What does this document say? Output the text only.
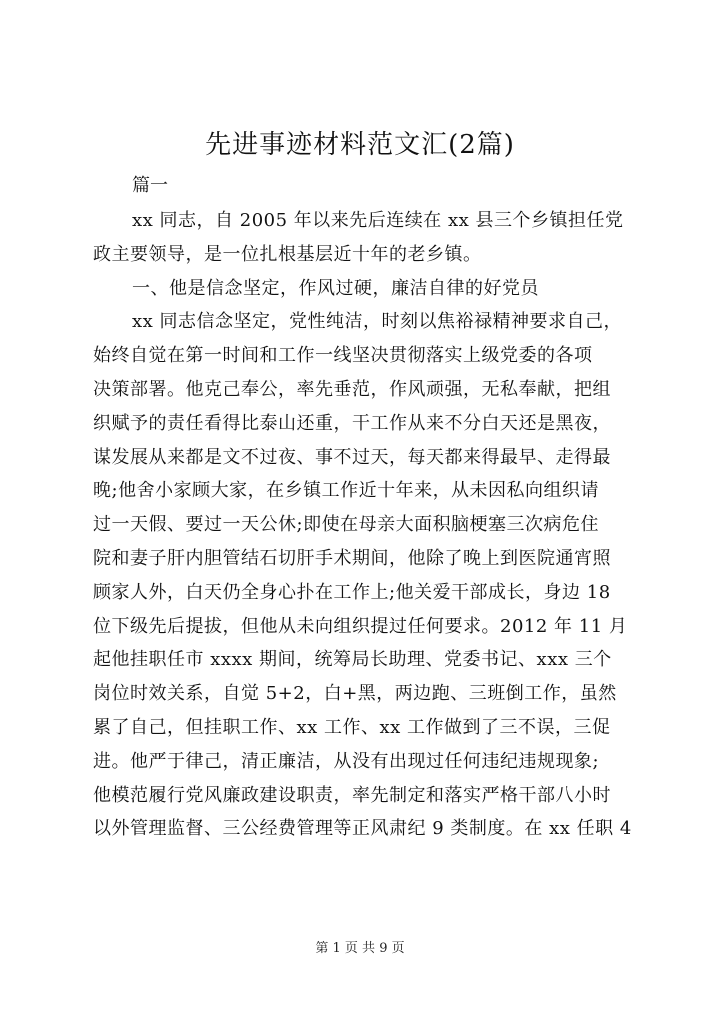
先进事迹材料范文汇(2篇)
篇一
xx 同志，自 2005 年以来先后连续在 xx 县三个乡镇担任党
政主要领导，是一位扎根基层近十年的老乡镇。
一、他是信念坚定，作风过硬，廉洁自律的好党员
xx 同志信念坚定，党性纯洁，时刻以焦裕禄精神要求自己，
始终自觉在第一时间和工作一线坚决贯彻落实上级党委的各项
决策部署。他克己奉公，率先垂范，作风顽强，无私奉献，把组
织赋予的责任看得比泰山还重，干工作从来不分白天还是黑夜，
谋发展从来都是文不过夜、事不过天，每天都来得最早、走得最
晚;他舍小家顾大家，在乡镇工作近十年来，从未因私向组织请
过一天假、要过一天公休;即使在母亲大面积脑梗塞三次病危住
院和妻子肝内胆管结石切肝手术期间，他除了晚上到医院通宵照
顾家人外，白天仍全身心扑在工作上;他关爱干部成长，身边 18
位下级先后提拔，但他从未向组织提过任何要求。2012 年 11 月
起他挂职任市 xxxx 期间，统筹局长助理、党委书记、xxx 三个
岗位时效关系，自觉 5+2，白+黑，两边跑、三班倒工作，虽然
累了自己，但挂职工作、xx 工作、xx 工作做到了三不误，三促
进。他严于律己，清正廉洁，从没有出现过任何违纪违规现象;
他模范履行党风廉政建设职责，率先制定和落实严格干部八小时
以外管理监督、三公经费管理等正风肃纪 9 类制度。在 xx 任职 4
第 1 页 共 9 页
